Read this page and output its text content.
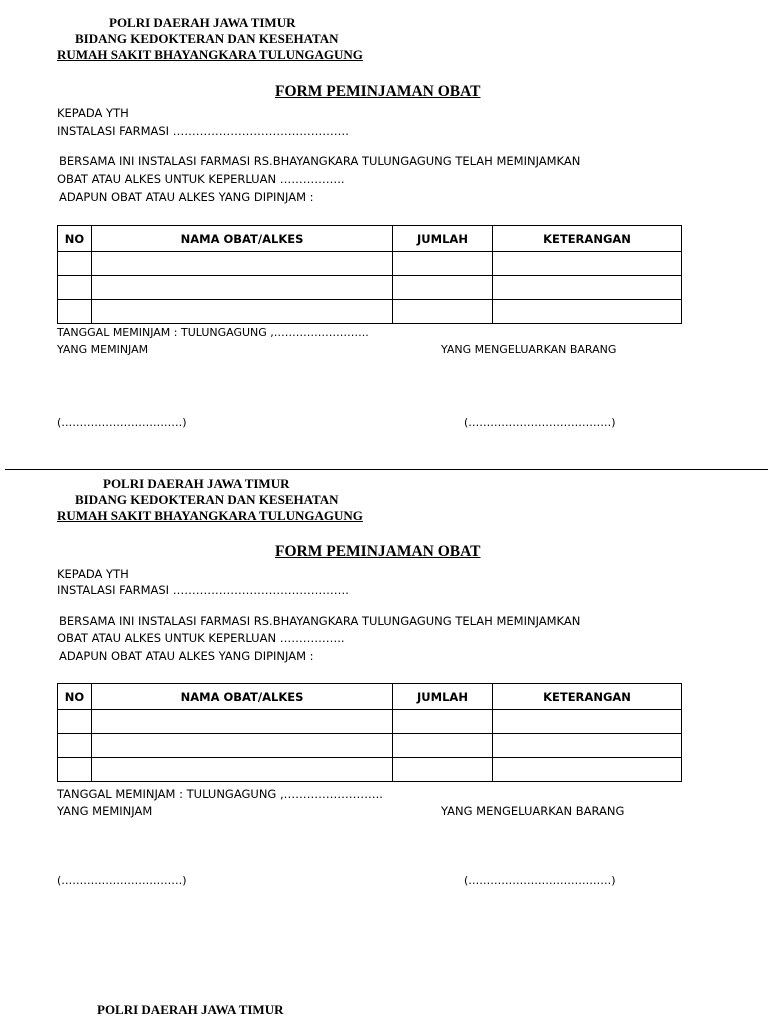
POLRI DAERAH JAWA TIMUR
BIDANG KEDOKTERAN DAN KESEHATAN
RUMAH SAKIT BHAYANGKARA TULUNGAGUNG
FORM PEMINJAMAN OBAT
KEPADA YTH
INSTALASI FARMASI ……………………………………….
BERSAMA INI INSTALASI FARMASI RS.BHAYANGKARA TULUNGAGUNG TELAH MEMINJAMKAN
OBAT ATAU ALKES UNTUK KEPERLUAN ……………..
ADAPUN OBAT ATAU ALKES YANG DIPINJAM :
NO	NAMA OBAT/ALKES	JUMLAH	KETERANGAN

TANGGAL MEMINJAM : TULUNGAGUNG ,……………………..
YANG MEMINJAM	YANG MENGELUARKAN BARANG
(……………………………)	(…………………………………)
POLRI DAERAH JAWA TIMUR
BIDANG KEDOKTERAN DAN KESEHATAN
RUMAH SAKIT BHAYANGKARA TULUNGAGUNG
FORM PEMINJAMAN OBAT
KEPADA YTH
INSTALASI FARMASI ……………………………………….
BERSAMA INI INSTALASI FARMASI RS.BHAYANGKARA TULUNGAGUNG TELAH MEMINJAMKAN
OBAT ATAU ALKES UNTUK KEPERLUAN ……………..
ADAPUN OBAT ATAU ALKES YANG DIPINJAM :
NO	NAMA OBAT/ALKES	JUMLAH	KETERANGAN

TANGGAL MEMINJAM : TULUNGAGUNG ,……………………..
YANG MEMINJAM	YANG MENGELUARKAN BARANG
(……………………………)	(…………………………………)
POLRI DAERAH JAWA TIMUR
